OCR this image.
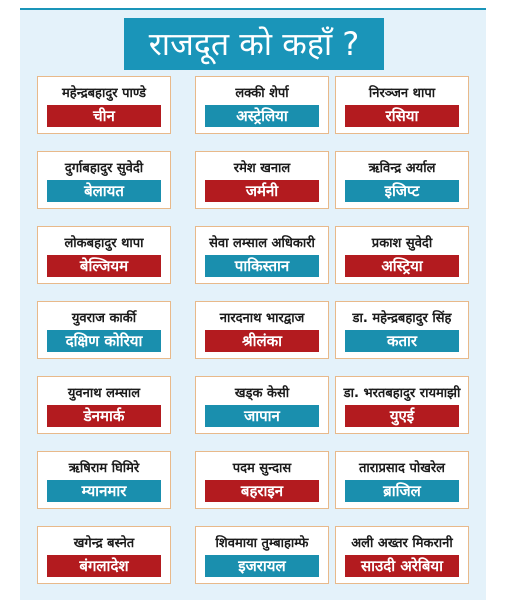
राजदूत को कहाँ ?
महेन्द्रबहादुर पाण्डे
चीन
लक्की शेर्पा
अस्ट्रेलिया
निरञ्जन थापा
रसिया
दुर्गाबहादुर सुवेदी
बेलायत
रमेश खनाल
जर्मनी
ऋविन्द्र अर्याल
इजिप्ट
लोकबहादुर थापा
बेल्जियम
सेवा लम्साल अधिकारी
पाकिस्तान
प्रकाश सुवेदी
अस्ट्रिया
युवराज कार्की
दक्षिण कोरिया
नारदनाथ भारद्वाज
श्रीलंका
डा. महेन्द्रबहादुर सिंह
कतार
युवनाथ लम्साल
डेनमार्क
खड्क केसी
जापान
डा. भरतबहादुर रायमाझी
युएई
ऋषिराम घिमिरे
म्यानमार
पदम सुन्दास
बहराइन
ताराप्रसाद पोखरेल
ब्राजिल
खगेन्द्र बस्नेत
बंगलादेश
शिवमाया तुम्बाहाम्फे
इजरायल
अली अख्तर मिकरानी
साउदी अरेबिया
